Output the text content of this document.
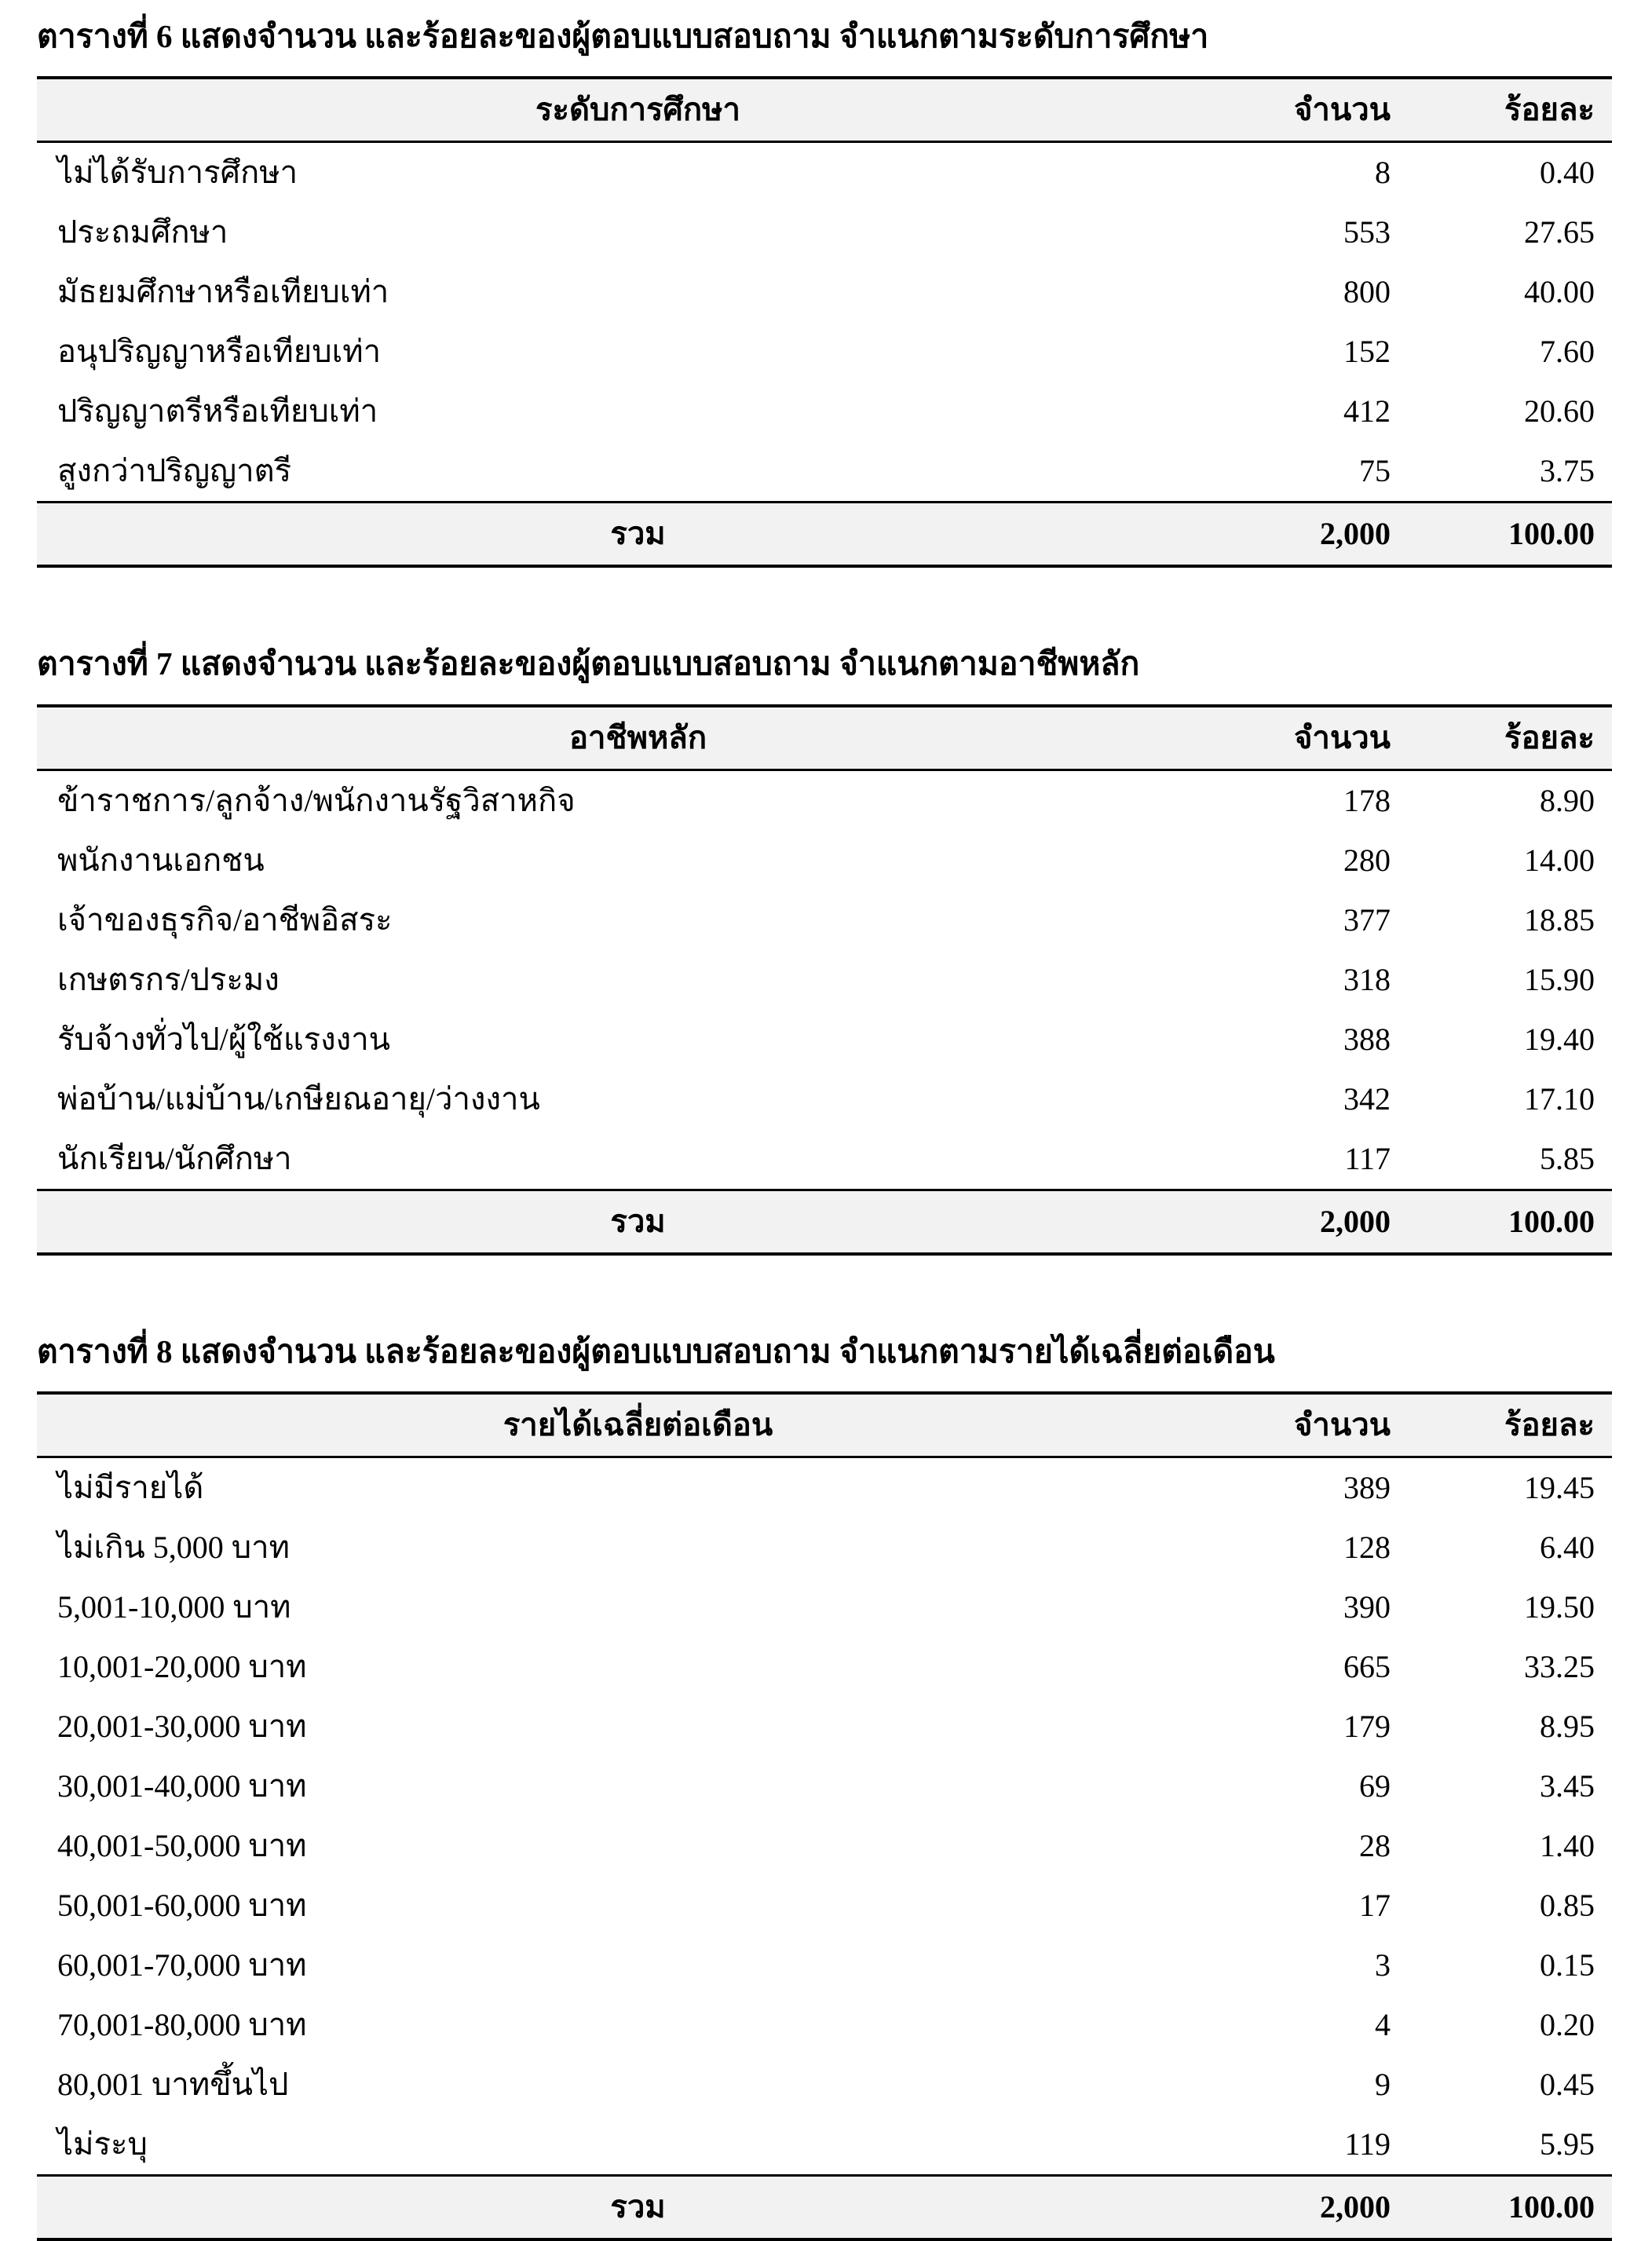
ตารางที่ 6 แสดงจำนวน และร้อยละของผู้ตอบแบบสอบถาม จำแนกตามระดับการศึกษา
ระดับการศึกษา	จำนวน	ร้อยละ
ไม่ได้รับการศึกษา	8	0.40
ประถมศึกษา	553	27.65
มัธยมศึกษาหรือเทียบเท่า	800	40.00
อนุปริญญาหรือเทียบเท่า	152	7.60
ปริญญาตรีหรือเทียบเท่า	412	20.60
สูงกว่าปริญญาตรี	75	3.75
รวม	2,000	100.00
ตารางที่ 7 แสดงจำนวน และร้อยละของผู้ตอบแบบสอบถาม จำแนกตามอาชีพหลัก
อาชีพหลัก	จำนวน	ร้อยละ
ข้าราชการ/ลูกจ้าง/พนักงานรัฐวิสาหกิจ	178	8.90
พนักงานเอกชน	280	14.00
เจ้าของธุรกิจ/อาชีพอิสระ	377	18.85
เกษตรกร/ประมง	318	15.90
รับจ้างทั่วไป/ผู้ใช้แรงงาน	388	19.40
พ่อบ้าน/แม่บ้าน/เกษียณอายุ/ว่างงาน	342	17.10
นักเรียน/นักศึกษา	117	5.85
รวม	2,000	100.00
ตารางที่ 8 แสดงจำนวน และร้อยละของผู้ตอบแบบสอบถาม จำแนกตามรายได้เฉลี่ยต่อเดือน
รายได้เฉลี่ยต่อเดือน	จำนวน	ร้อยละ
ไม่มีรายได้	389	19.45
ไม่เกิน 5,000 บาท	128	6.40
5,001-10,000 บาท	390	19.50
10,001-20,000 บาท	665	33.25
20,001-30,000 บาท	179	8.95
30,001-40,000 บาท	69	3.45
40,001-50,000 บาท	28	1.40
50,001-60,000 บาท	17	0.85
60,001-70,000 บาท	3	0.15
70,001-80,000 บาท	4	0.20
80,001 บาทขึ้นไป	9	0.45
ไม่ระบุ	119	5.95
รวม	2,000	100.00
